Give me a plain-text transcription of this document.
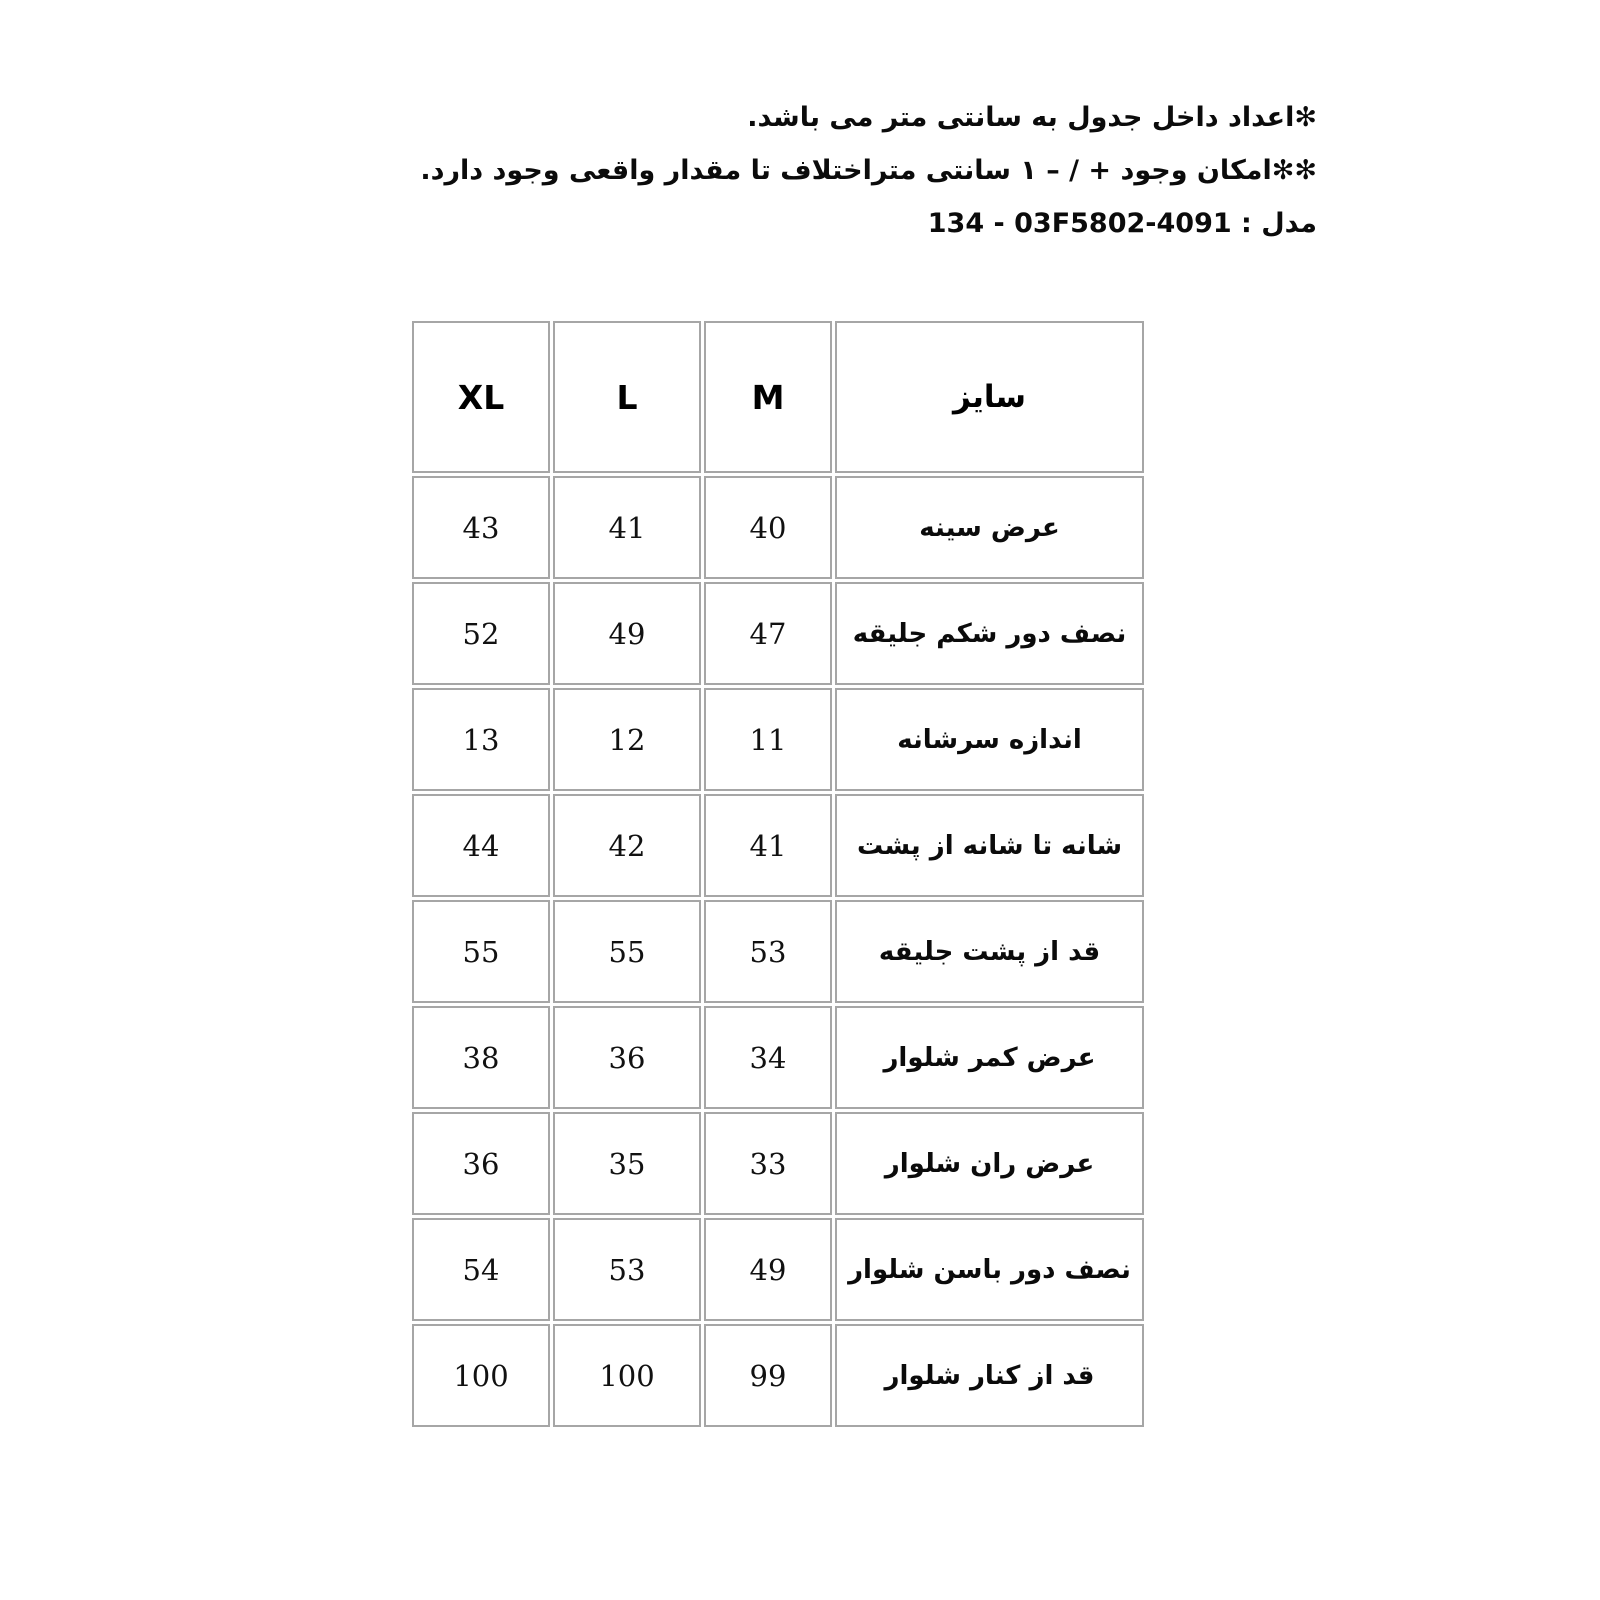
✻اعداد داخل جدول به سانتی متر می باشد.

✻✻امکان وجود + / – ۱ سانتی متراختلاف تا مقدار واقعی وجود دارد.

مدل : 134 - 03F5802-4091

سایز	M	L	XL
عرض سینه	40	41	43
نصف دور شکم جلیقه	47	49	52
اندازه سرشانه	11	12	13
شانه تا شانه از پشت	41	42	44
قد از پشت جلیقه	53	55	55
عرض کمر شلوار	34	36	38
عرض ران شلوار	33	35	36
نصف دور باسن شلوار	49	53	54
قد از کنار شلوار	99	100	100
